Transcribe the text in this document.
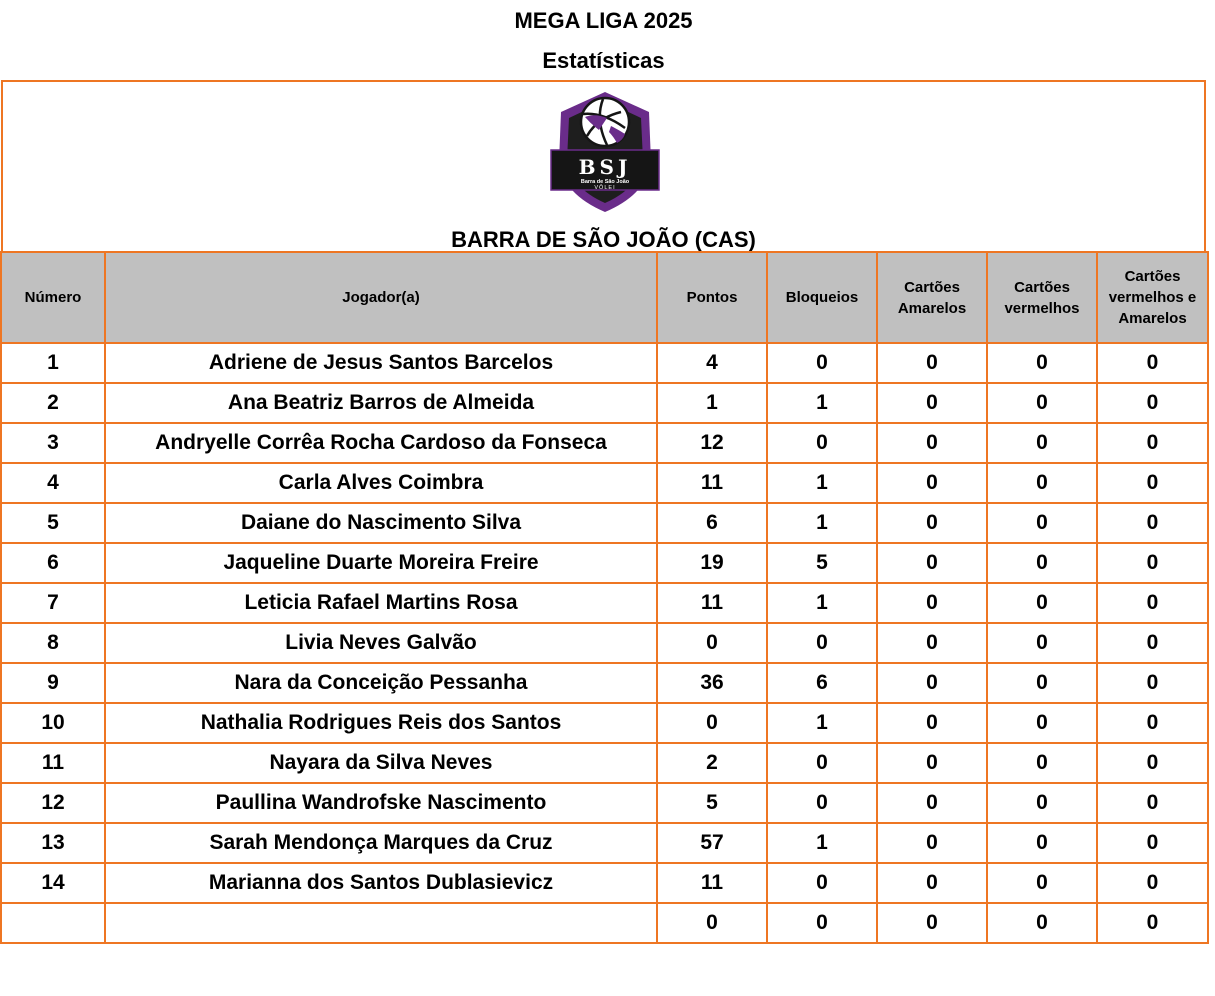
MEGA LIGA 2025
Estatísticas
BSJ
Barra de São João
VÔLEI
BARRA DE SÃO JOÃO (CAS)
Número	Jogador(a)	Pontos	Bloqueios	Cartões Amarelos	Cartões vermelhos	Cartões vermelhos e Amarelos
1	Adriene de Jesus Santos Barcelos	4	0	0	0	0
2	Ana Beatriz Barros de Almeida	1	1	0	0	0
3	Andryelle Corrêa Rocha Cardoso da Fonseca	12	0	0	0	0
4	Carla Alves Coimbra	11	1	0	0	0
5	Daiane do Nascimento Silva	6	1	0	0	0
6	Jaqueline Duarte Moreira Freire	19	5	0	0	0
7	Leticia Rafael Martins Rosa	11	1	0	0	0
8	Livia Neves Galvão	0	0	0	0	0
9	Nara da Conceição Pessanha	36	6	0	0	0
10	Nathalia Rodrigues Reis dos Santos	0	1	0	0	0
11	Nayara da Silva Neves	2	0	0	0	0
12	Paullina Wandrofske Nascimento	5	0	0	0	0
13	Sarah Mendonça Marques da Cruz	57	1	0	0	0
14	Marianna dos Santos Dublasievicz	11	0	0	0	0
		0	0	0	0	0
